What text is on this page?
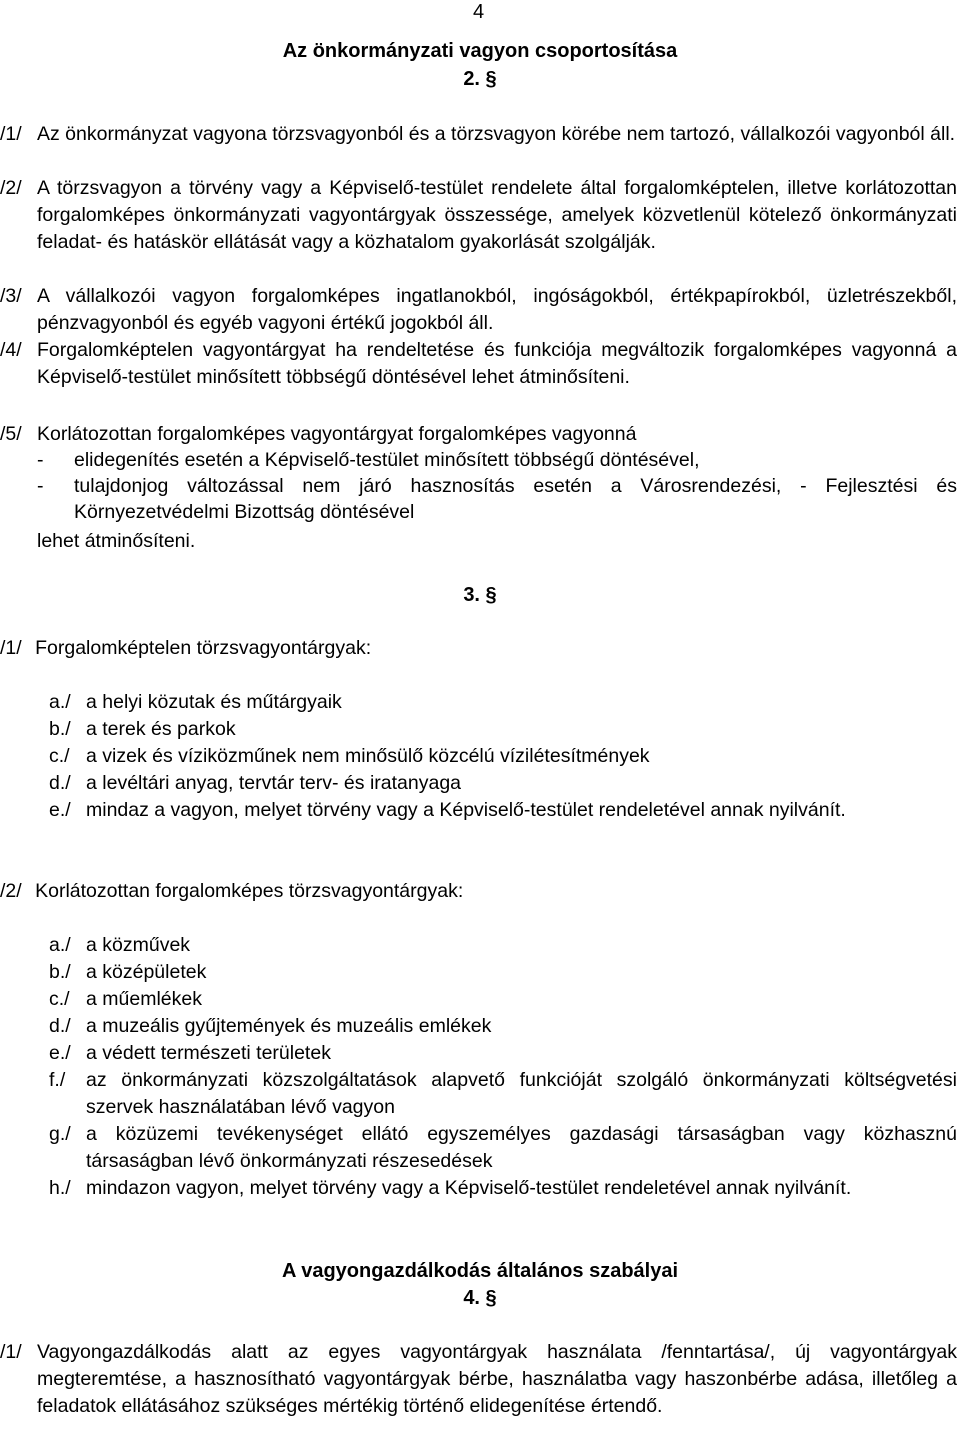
4
Az önkormányzati vagyon csoportosítása
2. §
/1/ Az önkormányzat vagyona törzsvagyonból és a törzsvagyon körébe nem tartozó, vállalkozói vagyonból áll.
/2/ A törzsvagyon a törvény vagy a Képviselő-testület rendelete által forgalomképtelen, illetve korlátozottan forgalomképes önkormányzati vagyontárgyak összessége, amelyek közvetlenül kötelező önkormányzati feladat- és hatáskör ellátását vagy a közhatalom gyakorlását szolgálják.
/3/ A vállalkozói vagyon forgalomképes ingatlanokból, ingóságokból, értékpapírokból, üzletrészekből, pénzvagyonból és egyéb vagyoni értékű jogokból áll.
/4/ Forgalomképtelen vagyontárgyat ha rendeltetése és funkciója megváltozik forgalomképes vagyonná a Képviselő-testület minősített többségű döntésével lehet átminősíteni.
/5/ Korlátozottan forgalomképes vagyontárgyat forgalomképes vagyonná
- elidegenítés esetén a Képviselő-testület minősített többségű döntésével,
- tulajdonjog változással nem járó hasznosítás esetén a Városrendezési, - Fejlesztési és Környezetvédelmi Bizottság döntésével
lehet átminősíteni.
3. §
/1/ Forgalomképtelen törzsvagyontárgyak:
a./ a helyi közutak és műtárgyaik
b./ a terek és parkok
c./ a vizek és víziközműnek nem minősülő közcélú vízilétesítmények
d./ a levéltári anyag, tervtár terv- és iratanyaga
e./ mindaz a vagyon, melyet törvény vagy a Képviselő-testület rendeletével annak nyilvánít.
/2/ Korlátozottan forgalomképes törzsvagyontárgyak:
a./ a közművek
b./ a középületek
c./ a műemlékek
d./ a muzeális gyűjtemények és muzeális emlékek
e./ a védett természeti területek
f./ az önkormányzati közszolgáltatások alapvető funkcióját szolgáló önkormányzati költségvetési szervek használatában lévő vagyon
g./ a közüzemi tevékenységet ellátó egyszemélyes gazdasági társaságban vagy közhasznú társaságban lévő önkormányzati részesedések
h./ mindazon vagyon, melyet törvény vagy a Képviselő-testület rendeletével annak nyilvánít.
A vagyongazdálkodás általános szabályai
4. §
/1/ Vagyongazdálkodás alatt az egyes vagyontárgyak használata /fenntartása/, új vagyontárgyak megteremtése, a hasznosítható vagyontárgyak bérbe, használatba vagy haszonbérbe adása, illetőleg a feladatok ellátásához szükséges mértékig történő elidegenítése értendő.
